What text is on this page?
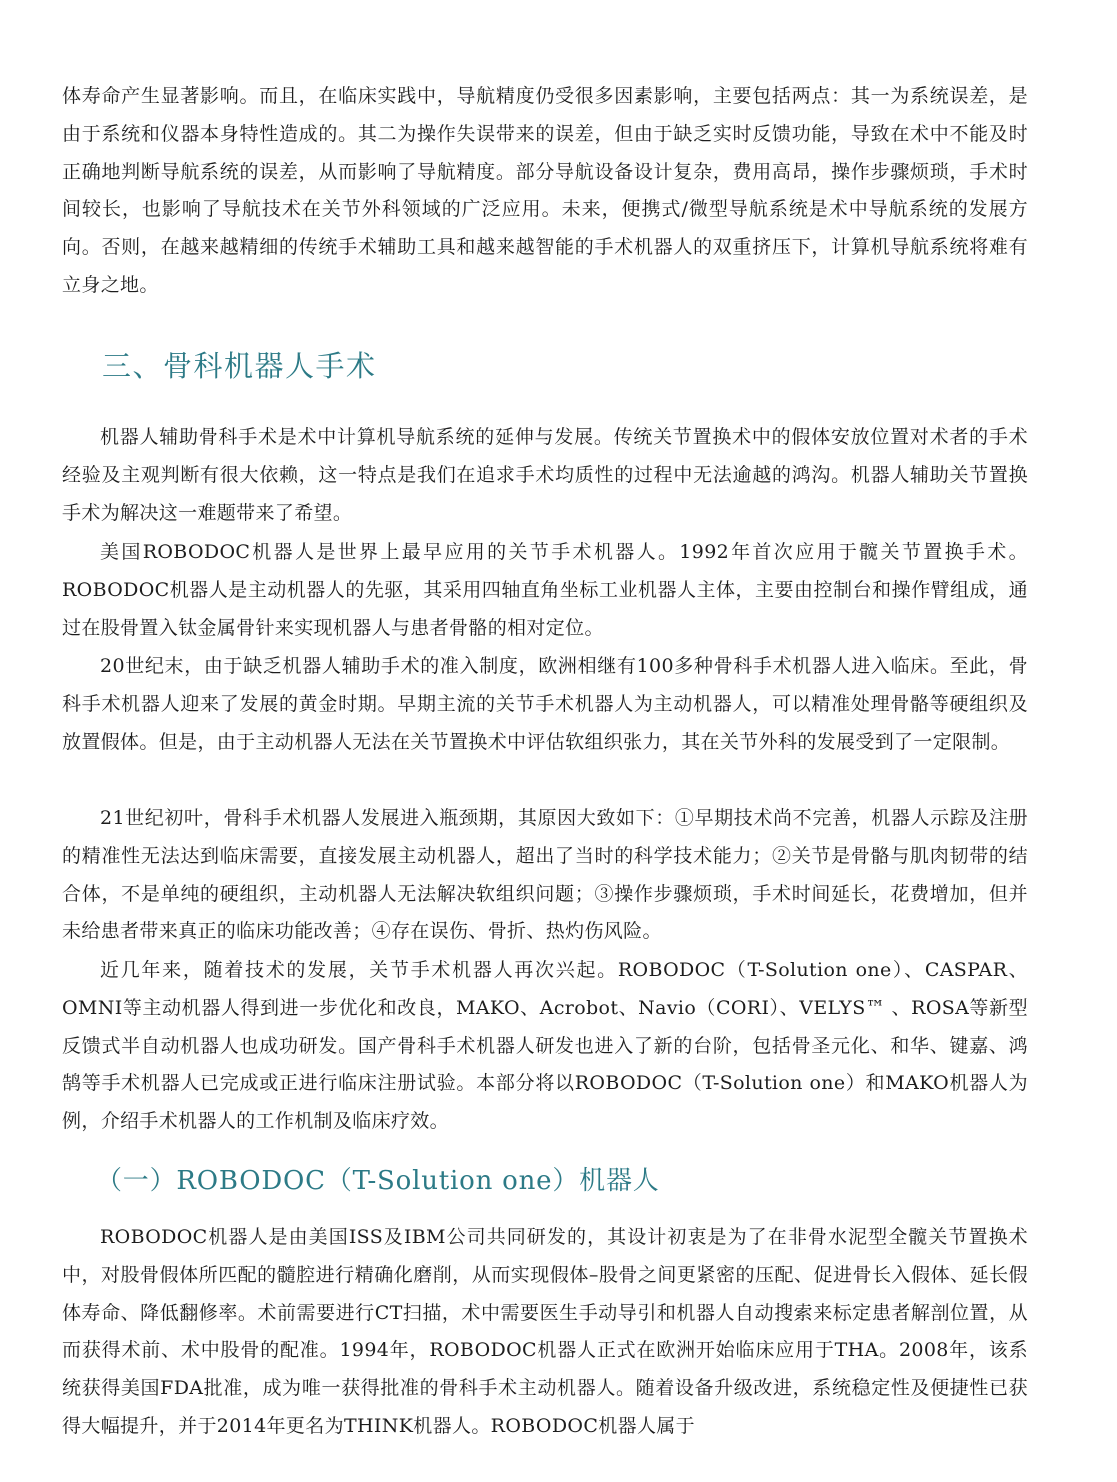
体寿命产生显著影响。而且，在临床实践中，导航精度仍受很多因素影响，主要包括两点：其一为系统误差，是由于系统和仪器本身特性造成的。其二为操作失误带来的误差，但由于缺乏实时反馈功能，导致在术中不能及时正确地判断导航系统的误差，从而影响了导航精度。部分导航设备设计复杂，费用高昂，操作步骤烦琐，手术时间较长，也影响了导航技术在关节外科领域的广泛应用。未来，便携式/微型导航系统是术中导航系统的发展方向。否则，在越来越精细的传统手术辅助工具和越来越智能的手术机器人的双重挤压下，计算机导航系统将难有立身之地。

三、骨科机器人手术

机器人辅助骨科手术是术中计算机导航系统的延伸与发展。传统关节置换术中的假体安放位置对术者的手术经验及主观判断有很大依赖，这一特点是我们在追求手术均质性的过程中无法逾越的鸿沟。机器人辅助关节置换手术为解决这一难题带来了希望。

美国ROBODOC机器人是世界上最早应用的关节手术机器人。1992年首次应用于髋关节置换手术。ROBODOC机器人是主动机器人的先驱，其采用四轴直角坐标工业机器人主体，主要由控制台和操作臂组成，通过在股骨置入钛金属骨针来实现机器人与患者骨骼的相对定位。

20世纪末，由于缺乏机器人辅助手术的准入制度，欧洲相继有100多种骨科手术机器人进入临床。至此，骨科手术机器人迎来了发展的黄金时期。早期主流的关节手术机器人为主动机器人，可以精准处理骨骼等硬组织及放置假体。但是，由于主动机器人无法在关节置换术中评估软组织张力，其在关节外科的发展受到了一定限制。

21世纪初叶，骨科手术机器人发展进入瓶颈期，其原因大致如下：①早期技术尚不完善，机器人示踪及注册的精准性无法达到临床需要，直接发展主动机器人，超出了当时的科学技术能力；②关节是骨骼与肌肉韧带的结合体，不是单纯的硬组织，主动机器人无法解决软组织问题；③操作步骤烦琐，手术时间延长，花费增加，但并未给患者带来真正的临床功能改善；④存在误伤、骨折、热灼伤风险。

近几年来，随着技术的发展，关节手术机器人再次兴起。ROBODOC（T-Solution one）、CASPAR、OMNI等主动机器人得到进一步优化和改良，MAKO、Acrobot、Navio（CORI）、VELYS™ 、ROSA等新型反馈式半自动机器人也成功研发。国产骨科手术机器人研发也进入了新的台阶，包括骨圣元化、和华、键嘉、鸿鹄等手术机器人已完成或正进行临床注册试验。本部分将以ROBODOC（T-Solution one）和MAKO机器人为例，介绍手术机器人的工作机制及临床疗效。

（一）ROBODOC（T-Solution one）机器人

ROBODOC机器人是由美国ISS及IBM公司共同研发的，其设计初衷是为了在非骨水泥型全髋关节置换术中，对股骨假体所匹配的髓腔进行精确化磨削，从而实现假体–股骨之间更紧密的压配、促进骨长入假体、延长假体寿命、降低翻修率。术前需要进行CT扫描，术中需要医生手动导引和机器人自动搜索来标定患者解剖位置，从而获得术前、术中股骨的配准。1994年，ROBODOC机器人正式在欧洲开始临床应用于THA。2008年，该系统获得美国FDA批准，成为唯一获得批准的骨科手术主动机器人。随着设备升级改进，系统稳定性及便捷性已获得大幅提升，并于2014年更名为THINK机器人。ROBODOC机器人属于
